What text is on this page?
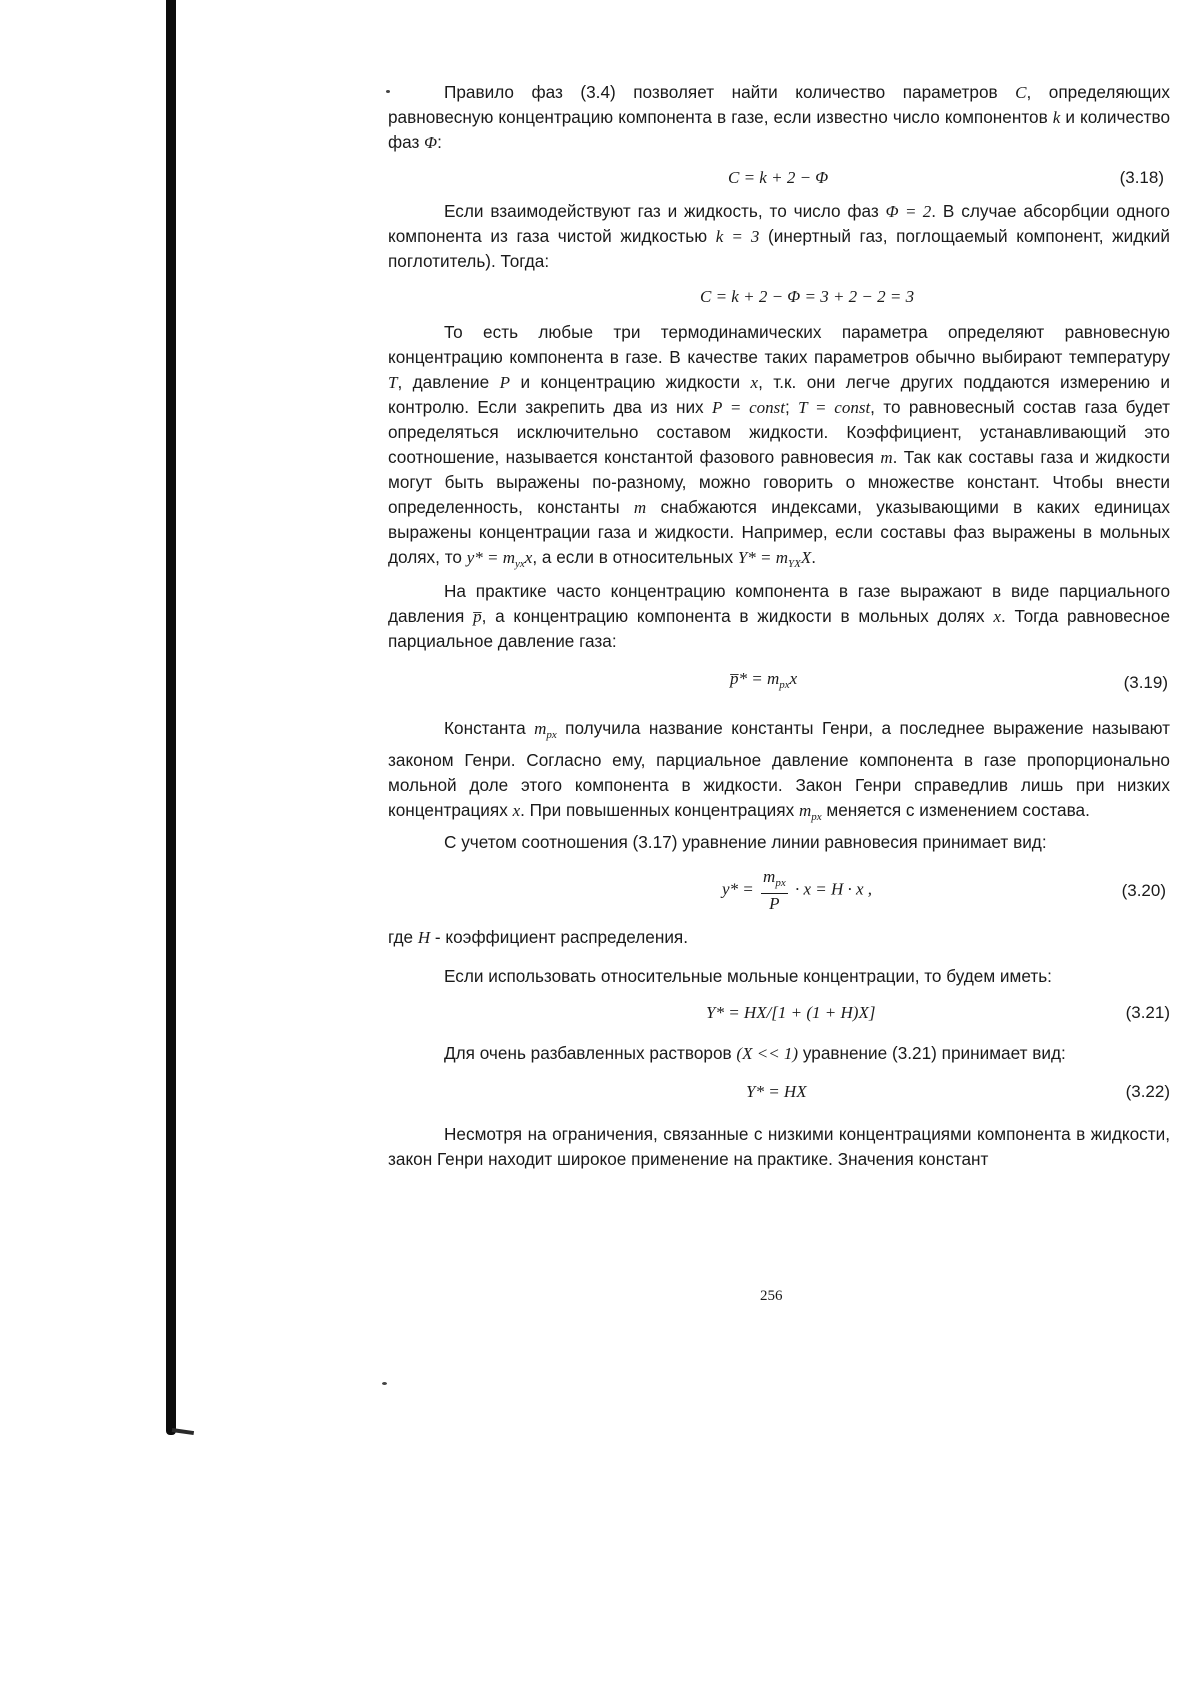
Правило фаз (3.4) позволяет найти количество параметров C, определяющих равновесную концентрацию компонента в газе, если известно число компонентов k и количество фаз Φ:

C = k + 2 − Φ	(3.18)

Если взаимодействуют газ и жидкость, то число фаз Φ = 2. В случае абсорбции одного компонента из газа чистой жидкостью k = 3 (инертный газ, поглощаемый компонент, жидкий поглотитель). Тогда:

C = k + 2 − Φ = 3 + 2 − 2 = 3

То есть любые три термодинамических параметра определяют равновесную концентрацию компонента в газе. В качестве таких параметров обычно выбирают температуру T, давление P и концентрацию жидкости x, т.к. они легче других поддаются измерению и контролю. Если закрепить два из них P = const; T = const, то равновесный состав газа будет определяться исключительно составом жидкости. Коэффициент, устанавливающий это соотношение, называется константой фазового равновесия m. Так как составы газа и жидкости могут быть выражены по-разному, можно говорить о множестве констант. Чтобы внести определенность, константы m снабжаются индексами, указывающими в каких единицах выражены концентрации газа и жидкости. Например, если составы фаз выражены в мольных долях, то $y* = m_{yx}x$, а если в относительных $Y* = m_{YX}X$.

На практике часто концентрацию компонента в газе выражают в виде парциального давления p̅, а концентрацию компонента в жидкости в мольных долях x. Тогда равновесное парциальное давление газа:

p̅* = $m_{px}x$	(3.19)

Константа $m_{px}$ получила название константы Генри, а последнее выражение называют законом Генри. Согласно ему, парциальное давление компонента в газе пропорционально мольной доле этого компонента в жидкости. Закон Генри справедлив лишь при низких концентрациях x. При повышенных концентрациях $m_{px}$ меняется с изменением состава.

С учетом соотношения (3.17) уравнение линии равновесия принимает вид:

$y* = \frac{m_{px}}{P} \cdot x = H \cdot x$ ,	(3.20)

где H - коэффициент распределения.

Если использовать относительные мольные концентрации, то будем иметь:

Y* = HX/[1 + (1 + H)X]	(3.21)

Для очень разбавленных растворов (X << 1) уравнение (3.21) принимает вид:

Y* = HX	(3.22)

Несмотря на ограничения, связанные с низкими концентрациями компонента в жидкости, закон Генри находит широкое применение на практике. Значения констант

256
